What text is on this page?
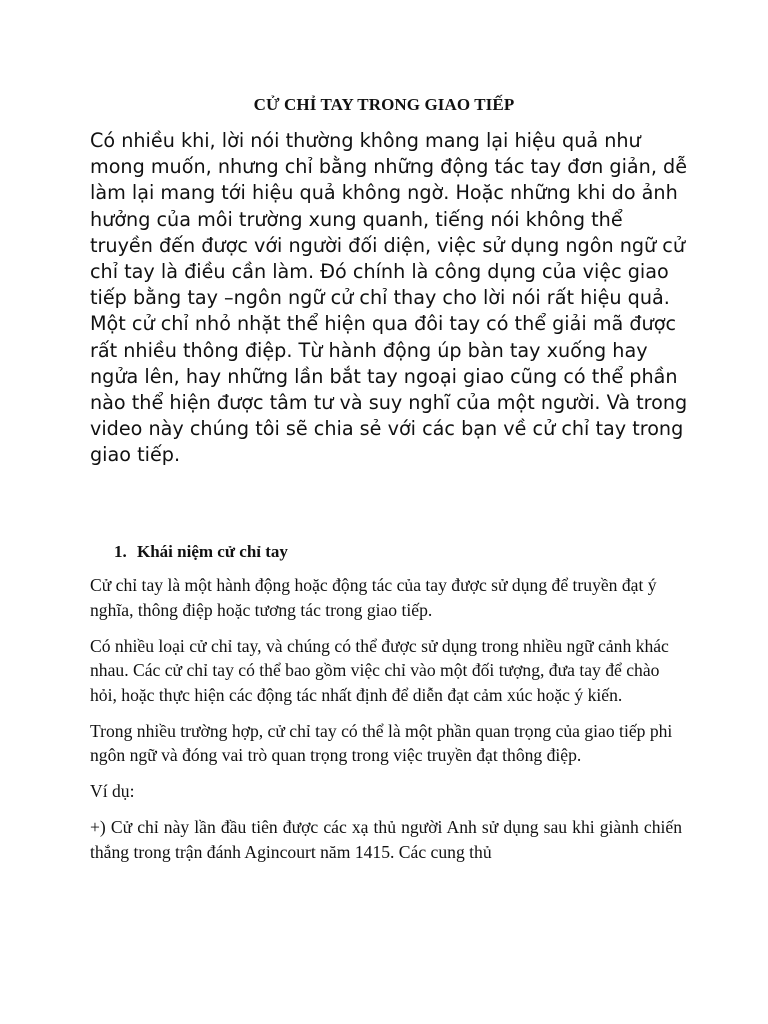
CỬ CHỈ TAY TRONG GIAO TIẾP

Có nhiều khi, lời nói thường không mang lại hiệu quả như mong muốn, nhưng chỉ bằng những động tác tay đơn giản, dễ làm lại mang tới hiệu quả không ngờ. Hoặc những khi do ảnh hưởng của môi trường xung quanh, tiếng nói không thể truyền đến được với người đối diện, việc sử dụng ngôn ngữ cử chỉ tay là điều cần làm. Đó chính là công dụng của việc giao tiếp bằng tay –ngôn ngữ cử chỉ thay cho lời nói rất hiệu quả.

Một cử chỉ nhỏ nhặt thể hiện qua đôi tay có thể giải mã được rất nhiều thông điệp. Từ hành động úp bàn tay xuống hay ngửa lên, hay những lần bắt tay ngoại giao cũng có thể phần nào thể hiện được tâm tư và suy nghĩ của một người. Và trong video này chúng tôi sẽ chia sẻ với các bạn về cử chỉ tay trong giao tiếp.

1. Khái niệm cử chỉ tay

Cử chỉ tay là một hành động hoặc động tác của tay được sử dụng để truyền đạt ý nghĩa, thông điệp hoặc tương tác trong giao tiếp.

Có nhiều loại cử chỉ tay, và chúng có thể được sử dụng trong nhiều ngữ cảnh khác nhau. Các cử chỉ tay có thể bao gồm việc chỉ vào một đối tượng, đưa tay để chào hỏi, hoặc thực hiện các động tác nhất định để diễn đạt cảm xúc hoặc ý kiến.

Trong nhiều trường hợp, cử chỉ tay có thể là một phần quan trọng của giao tiếp phi ngôn ngữ và đóng vai trò quan trọng trong việc truyền đạt thông điệp.

Ví dụ:

+) Cử chỉ này lần đầu tiên được các xạ thủ người Anh sử dụng sau khi giành chiến thắng trong trận đánh Agincourt năm 1415. Các cung thủ
